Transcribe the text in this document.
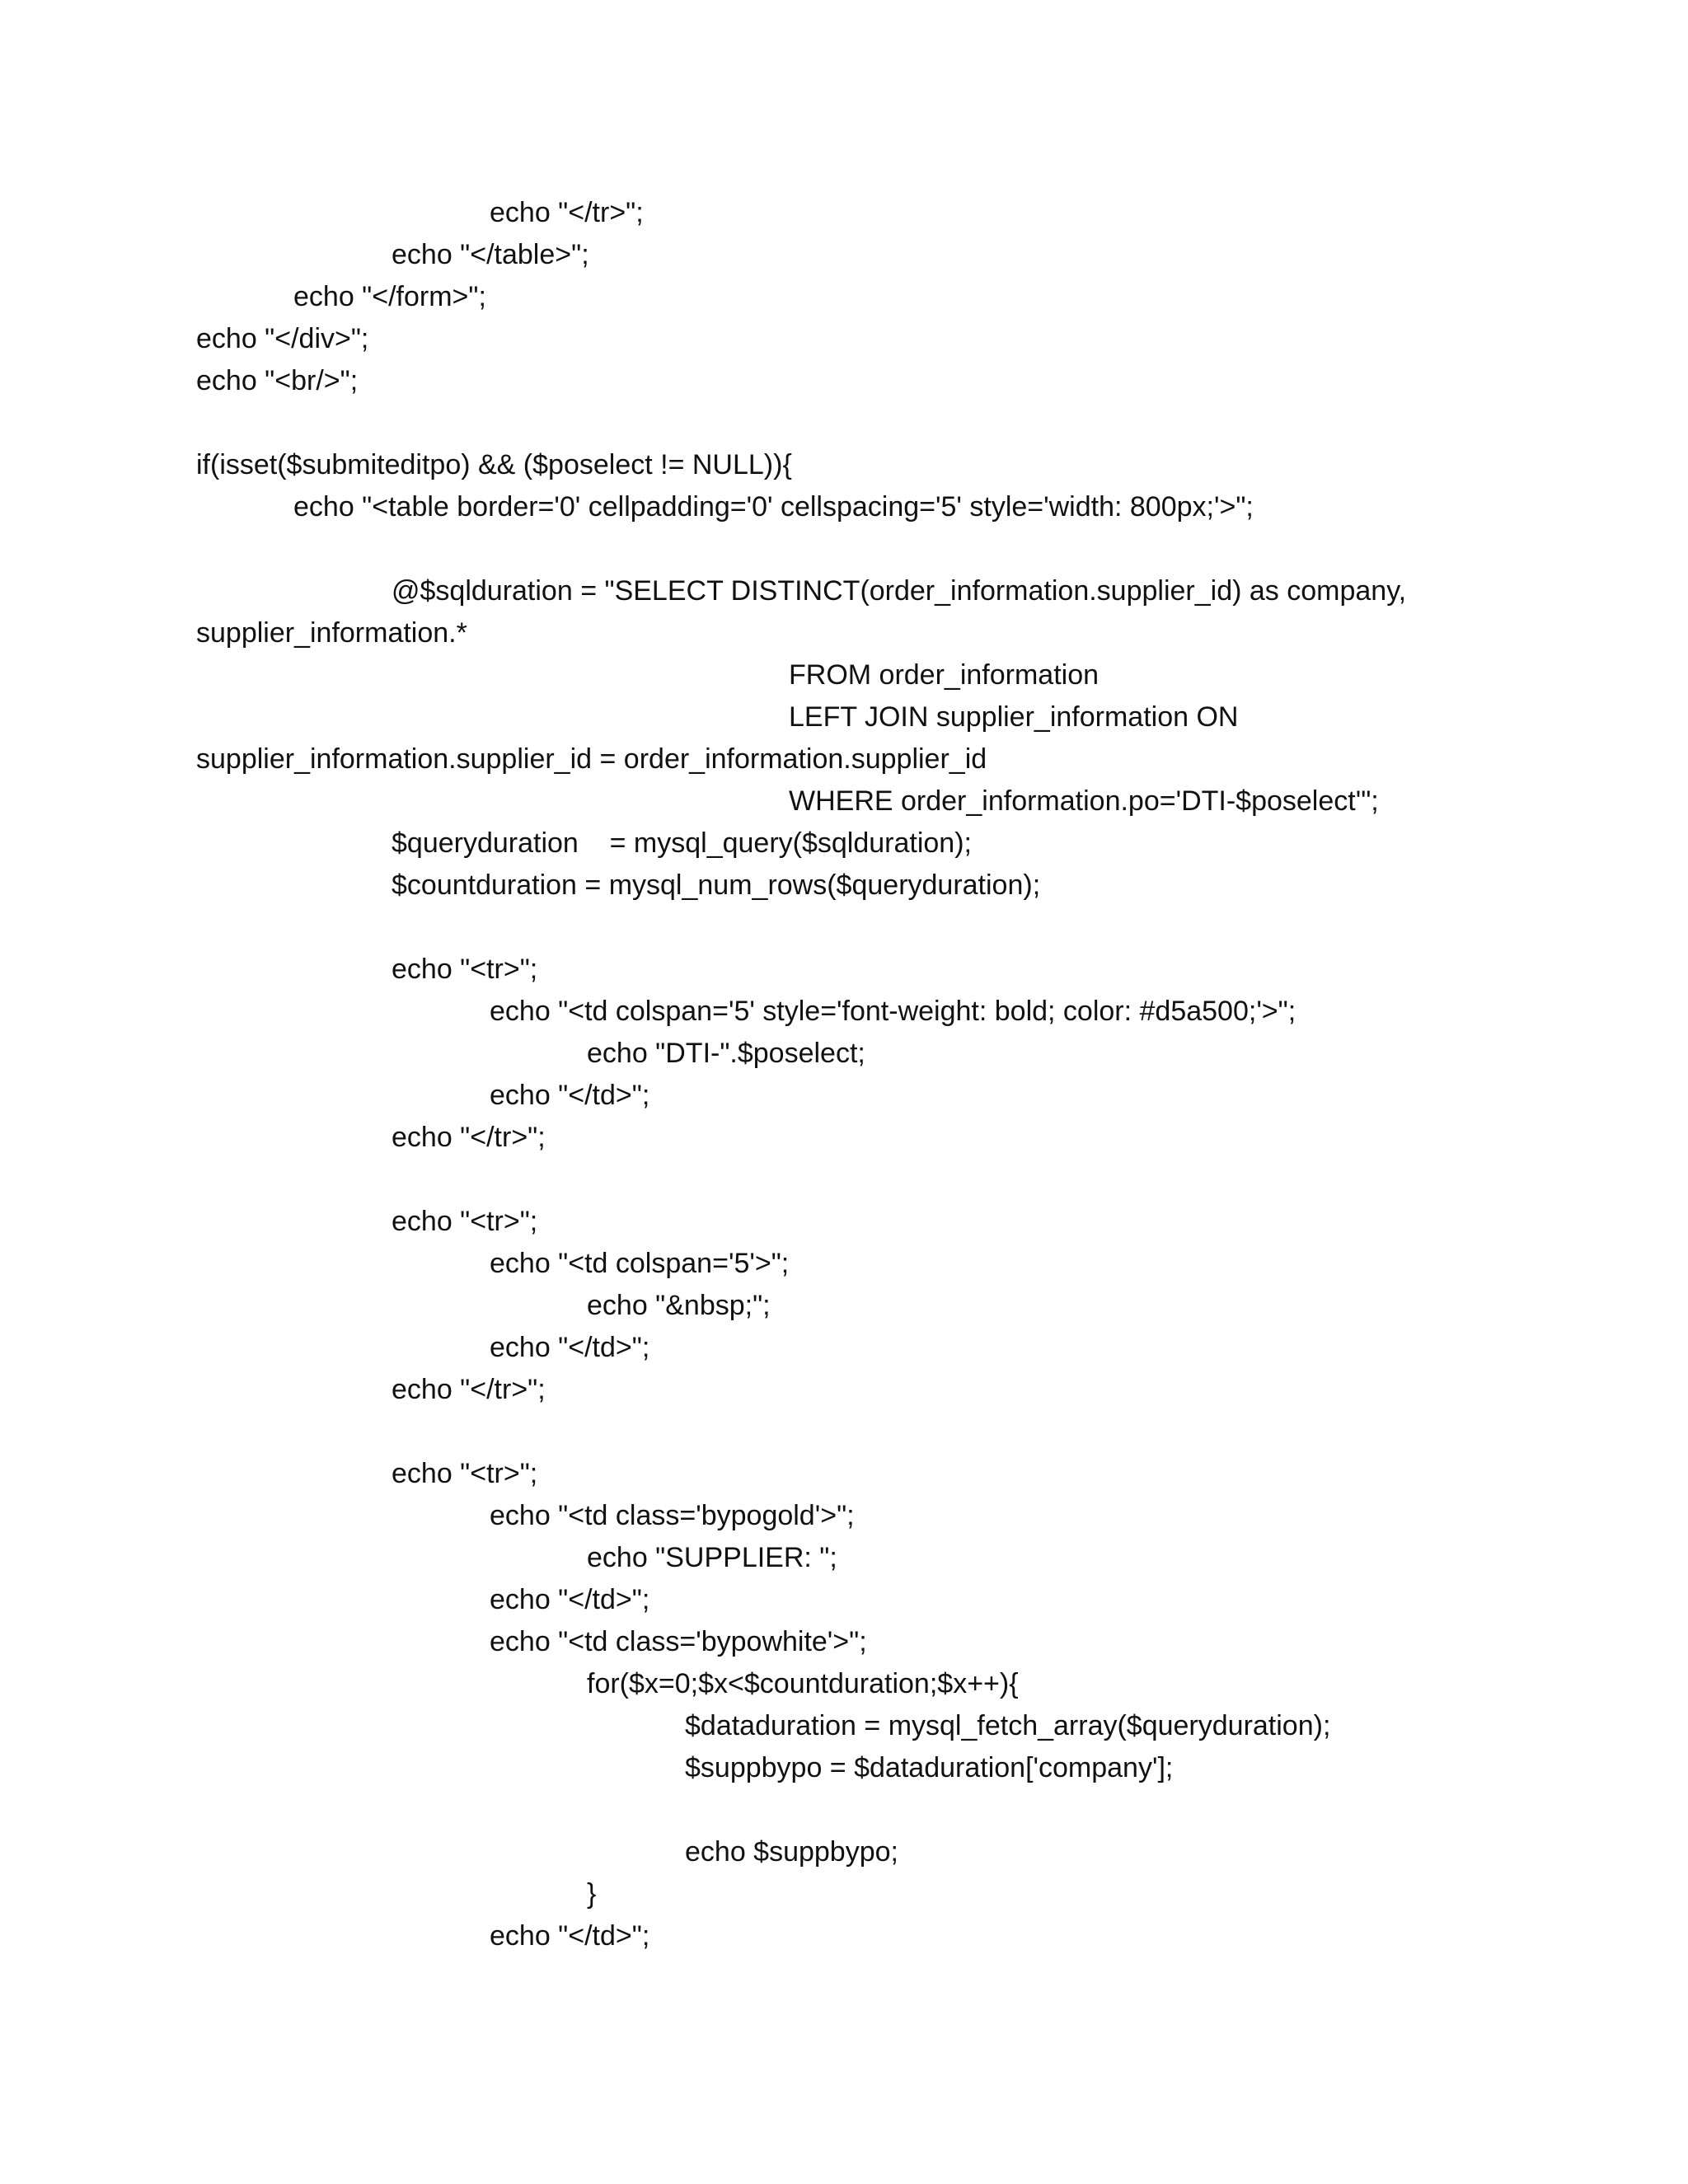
echo "</tr>";
echo "</table>";
echo "</form>";
echo "</div>";
echo "<br/>";
if(isset($submiteditpo) && ($poselect != NULL)){
echo "<table border='0' cellpadding='0' cellspacing='5' style='width: 800px;'>";
@$sqlduration = "SELECT DISTINCT(order_information.supplier_id) as company,
supplier_information.*
FROM order_information
LEFT JOIN supplier_information ON
supplier_information.supplier_id = order_information.supplier_id
WHERE order_information.po='DTI-$poselect'";
$queryduration    = mysql_query($sqlduration);
$countduration = mysql_num_rows($queryduration);
echo "<tr>";
echo "<td colspan='5' style='font-weight: bold; color: #d5a500;'>";
echo "DTI-".$poselect;
echo "</td>";
echo "</tr>";
echo "<tr>";
echo "<td colspan='5'>";
echo "&nbsp;";
echo "</td>";
echo "</tr>";
echo "<tr>";
echo "<td class='bypogold'>";
echo "SUPPLIER: ";
echo "</td>";
echo "<td class='bypowhite'>";
for($x=0;$x<$countduration;$x++){
$dataduration = mysql_fetch_array($queryduration);
$suppbypo = $dataduration['company'];
echo $suppbypo;
}
echo "</td>";
